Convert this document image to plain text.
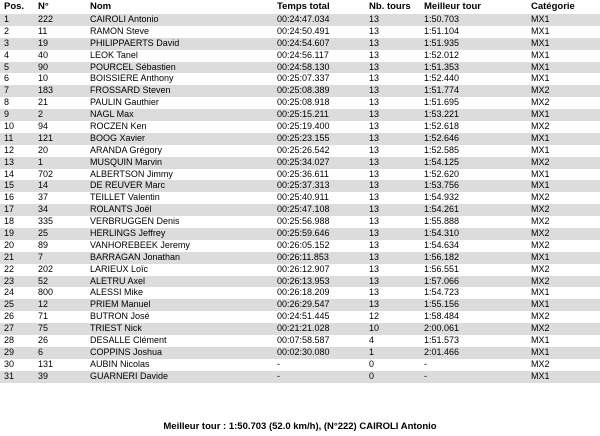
Pos.	N°	Nom	Temps total	Nb. tours	Meilleur tour	Catégorie
1	222	CAIROLI Antonio	00:24:47.034	13	1:50.703	MX1
2	11	RAMON Steve	00:24:50.491	13	1:51.104	MX1
3	19	PHILIPPAERTS David	00:24:54.607	13	1:51.935	MX1
4	40	LEOK Tanel	00:24:56.117	13	1:52.012	MX1
5	90	POURCEL Sébastien	00:24:58.130	13	1:51.353	MX1
6	10	BOISSIERE Anthony	00:25:07.337	13	1:52.440	MX1
7	183	FROSSARD Steven	00:25:08.389	13	1:51.774	MX2
8	21	PAULIN Gauthier	00:25:08.918	13	1:51.695	MX2
9	2	NAGL Max	00:25:15.211	13	1:53.221	MX1
10	94	ROCZEN Ken	00:25:19.400	13	1:52.618	MX2
11	121	BOOG Xavier	00:25:23.155	13	1:52.646	MX1
12	20	ARANDA Grégory	00:25:26.542	13	1:52.585	MX1
13	1	MUSQUIN Marvin	00:25:34.027	13	1:54.125	MX2
14	702	ALBERTSON Jimmy	00:25:36.611	13	1:52.620	MX1
15	14	DE REUVER Marc	00:25:37.313	13	1:53.756	MX1
16	37	TEILLET Valentin	00:25:40.911	13	1:54.932	MX2
17	34	ROLANTS Joël	00:25:47.108	13	1:54.261	MX2
18	335	VERBRUGGEN Denis	00:25:56.988	13	1:55.888	MX2
19	25	HERLINGS Jeffrey	00:25:59.646	13	1:54.310	MX2
20	89	VANHOREBEEK Jeremy	00:26:05.152	13	1:54.634	MX2
21	7	BARRAGAN Jonathan	00:26:11.853	13	1:56.182	MX1
22	202	LARIEUX Loïc	00:26:12.907	13	1:56.551	MX2
23	52	ALETRU Axel	00:26:13.953	13	1:57.066	MX2
24	800	ALESSI Mike	00:26:18.209	13	1:54.723	MX1
25	12	PRIEM Manuel	00:26:29.547	13	1:55.156	MX1
26	71	BUTRON José	00:24:51.445	12	1:58.484	MX2
27	75	TRIEST Nick	00:21:21.028	10	2:00.061	MX2
28	26	DESALLE Clément	00:07:58.587	4	1:51.573	MX1
29	6	COPPINS Joshua	00:02:30.080	1	2:01.466	MX1
30	131	AUBIN Nicolas	-	0	-	MX2
31	39	GUARNERI Davide	-	0	-	MX1
Meilleur tour : 1:50.703 (52.0 km/h), (N°222) CAIROLI Antonio
